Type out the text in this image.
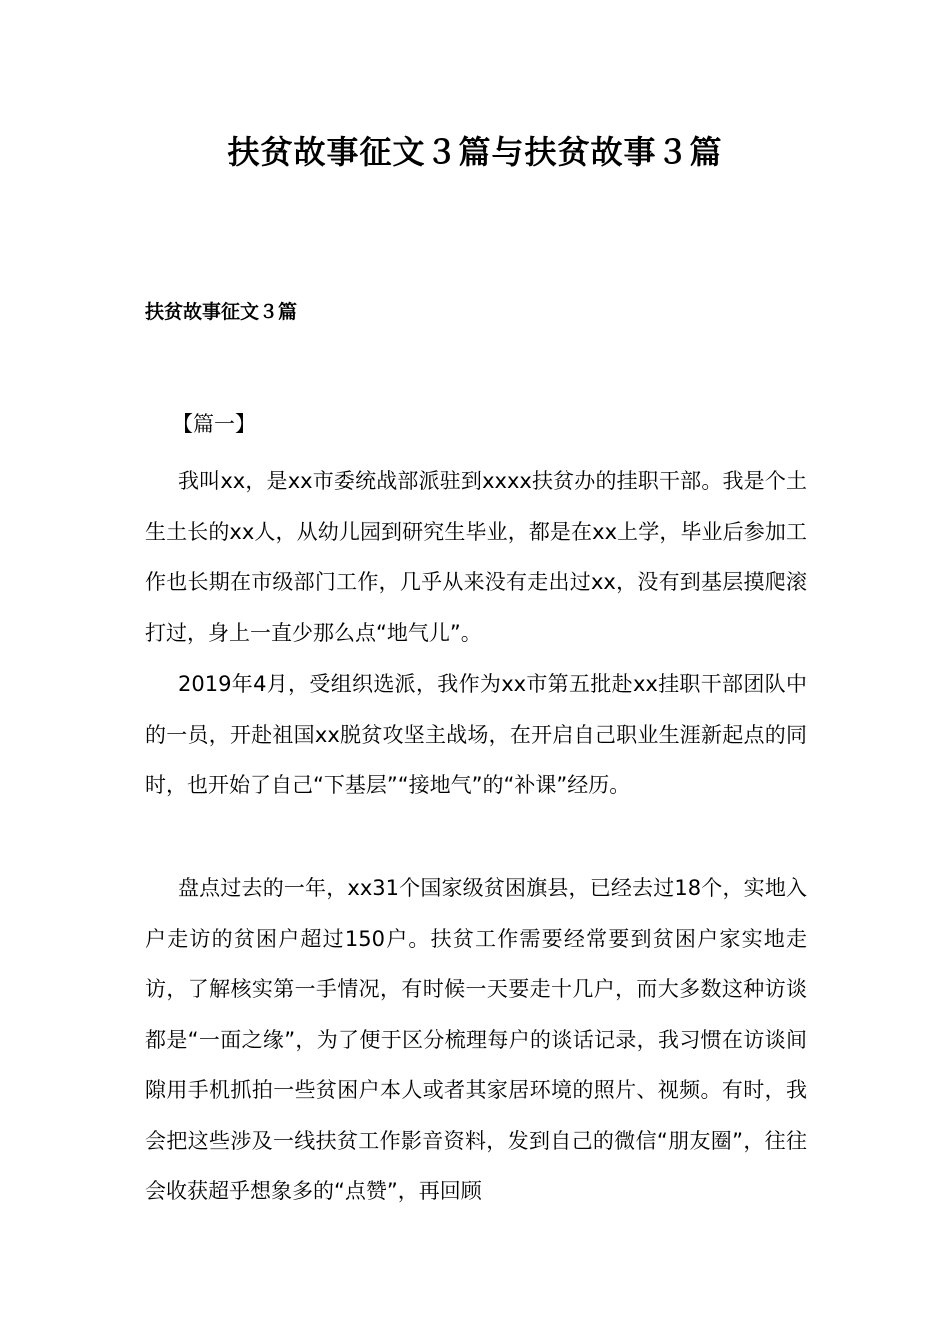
扶贫故事征文３篇与扶贫故事３篇
扶贫故事征文３篇

【篇一】

我叫xx，是xx市委统战部派驻到xxxx扶贫办的挂职干部。我是个土生土长的xx人，从幼儿园到研究生毕业，都是在xx上学，毕业后参加工作也长期在市级部门工作，几乎从来没有走出过xx，没有到基层摸爬滚打过，身上一直少那么点“地气儿”。

2019年4月，受组织选派，我作为xx市第五批赴xx挂职干部团队中的一员，开赴祖国xx脱贫攻坚主战场，在开启自己职业生涯新起点的同时，也开始了自己“下基层”“接地气”的“补课”经历。

盘点过去的一年，xx31个国家级贫困旗县，已经去过18个，实地入户走访的贫困户超过150户。扶贫工作需要经常要到贫困户家实地走访，了解核实第一手情况，有时候一天要走十几户，而大多数这种访谈都是“一面之缘”，为了便于区分梳理每户的谈话记录，我习惯在访谈间隙用手机抓拍一些贫困户本人或者其家居环境的照片、视频。有时，我会把这些涉及一线扶贫工作影音资料，发到自己的微信“朋友圈”，往往会收获超乎想象多的“点赞”，再回顾
